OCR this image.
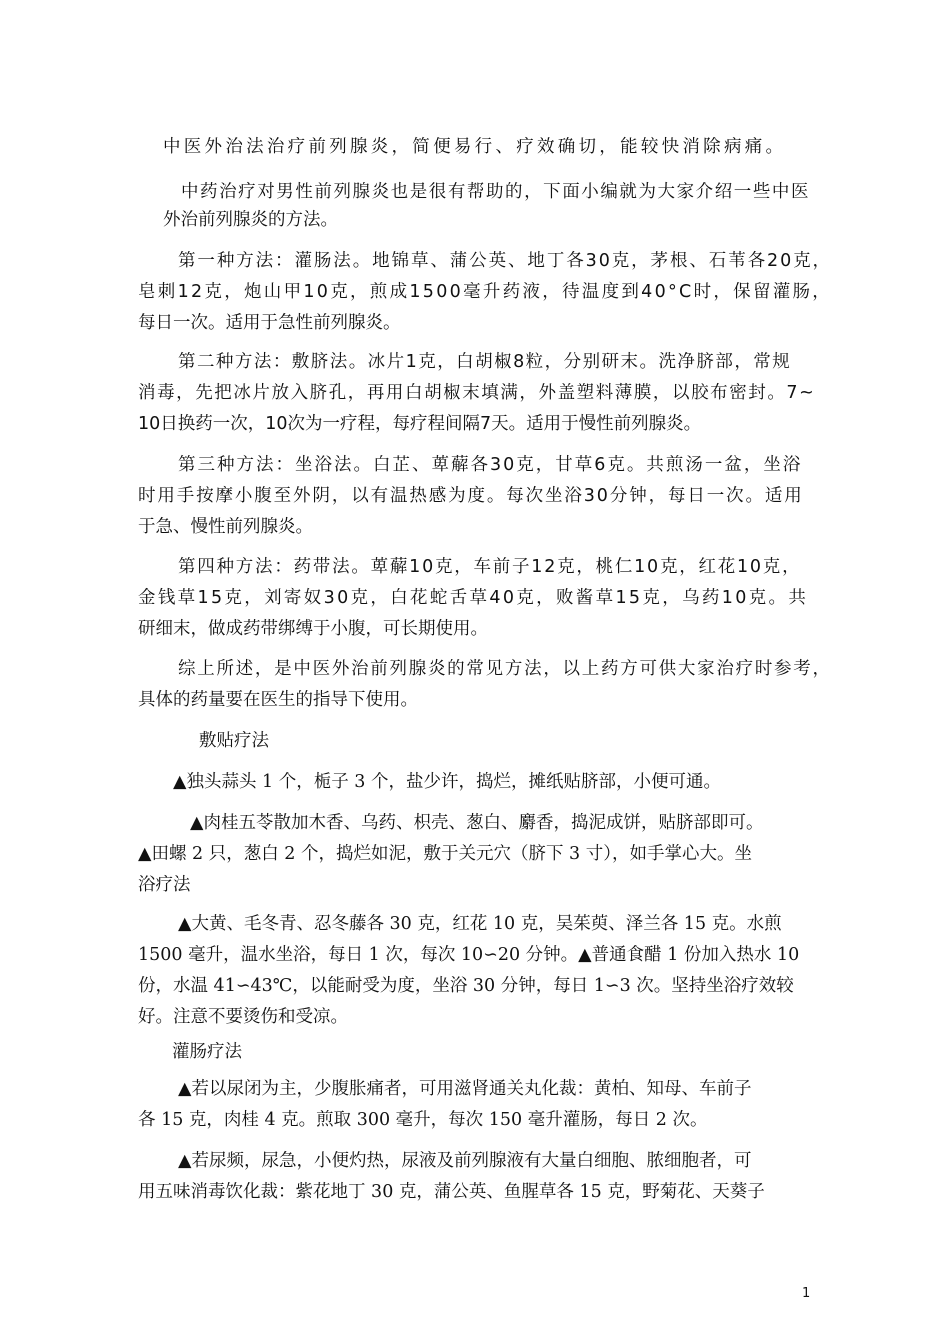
中医外治法治疗前列腺炎，简便易行、疗效确切，能较快消除病痛。
中药治疗对男性前列腺炎也是很有帮助的，下面小编就为大家介绍一些中医
外治前列腺炎的方法。
第一种方法：灌肠法。地锦草、蒲公英、地丁各30克，茅根、石苇各20克，
皂刺12克，炮山甲10克，煎成1500毫升药液，待温度到40°C时，保留灌肠，
每日一次。适用于急性前列腺炎。
第二种方法：敷脐法。冰片1克，白胡椒8粒，分别研末。洗净脐部，常规
消毒，先把冰片放入脐孔，再用白胡椒末填满，外盖塑料薄膜，以胶布密封。7~
10日换药一次，10次为一疗程，每疗程间隔7天。适用于慢性前列腺炎。
第三种方法：坐浴法。白芷、萆薢各30克，甘草6克。共煎汤一盆，坐浴
时用手按摩小腹至外阴，以有温热感为度。每次坐浴30分钟，每日一次。适用
于急、慢性前列腺炎。
第四种方法：药带法。萆薢10克，车前子12克，桃仁10克，红花10克，
金钱草15克，刘寄奴30克，白花蛇舌草40克，败酱草15克，乌药10克。共
研细末，做成药带绑缚于小腹，可长期使用。
综上所述，是中医外治前列腺炎的常见方法，以上药方可供大家治疗时参考，
具体的药量要在医生的指导下使用。
敷贴疗法
▲独头蒜头 1 个，栀子 3 个，盐少许，捣烂，摊纸贴脐部，小便可通。
▲肉桂五苓散加木香、乌药、枳壳、葱白、麝香，捣泥成饼，贴脐部即可。
▲田螺 2 只，葱白 2 个，捣烂如泥，敷于关元穴（脐下 3 寸），如手掌心大。坐
浴疗法
▲大黄、毛冬青、忍冬藤各 30 克，红花 10 克，吴茱萸、泽兰各 15 克。水煎
1500 毫升，温水坐浴，每日 1 次，每次 10∽20 分钟。▲普通食醋 1 份加入热水 10
份，水温 41∽43℃，以能耐受为度，坐浴 30 分钟，每日 1∽3 次。坚持坐浴疗效较
好。注意不要烫伤和受凉。
灌肠疗法
▲若以尿闭为主，少腹胀痛者，可用滋肾通关丸化裁：黄柏、知母、车前子
各 15 克，肉桂 4 克。煎取 300 毫升，每次 150 毫升灌肠，每日 2 次。
▲若尿频，尿急，小便灼热，尿液及前列腺液有大量白细胞、脓细胞者，可
用五味消毒饮化裁：紫花地丁 30 克，蒲公英、鱼腥草各 15 克，野菊花、天葵子
1
